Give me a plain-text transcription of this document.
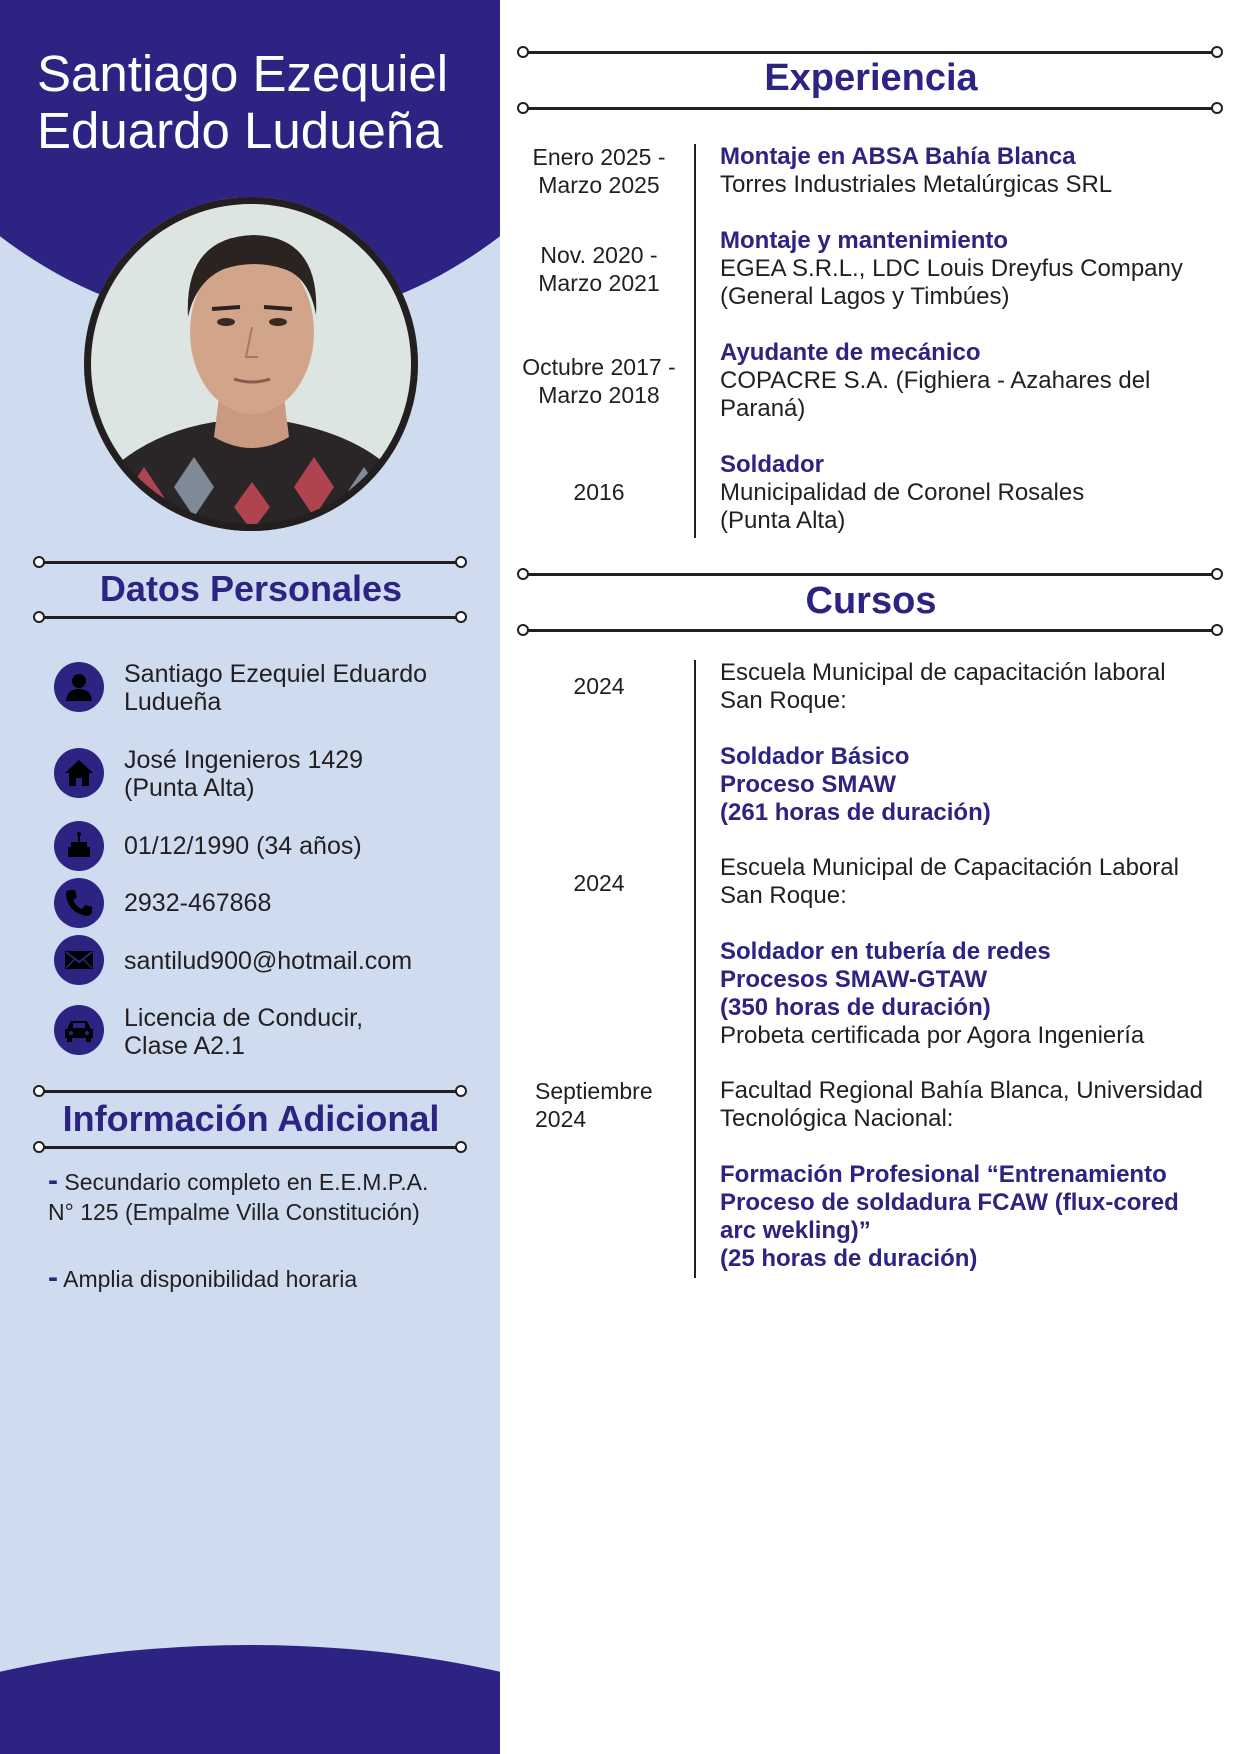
Santiago Ezequiel
Eduardo Ludueña
Datos Personales
Santiago Ezequiel Eduardo
Ludueña
José Ingenieros 1429
(Punta Alta)
01/12/1990 (34 años)
2932-467868
santilud900@hotmail.com
Licencia de Conducir,
Clase A2.1
Información Adicional
- Secundario completo en E.E.M.P.A.
N° 125 (Empalme Villa Constitución)
- Amplia disponibilidad horaria
Experiencia
Enero 2025 -
Marzo 2025
Montaje en ABSA Bahía Blanca
Torres Industriales Metalúrgicas SRL
Nov. 2020 -
Marzo 2021
Montaje y mantenimiento
EGEA S.R.L., LDC Louis Dreyfus Company
(General Lagos y Timbúes)
Octubre 2017 -
Marzo 2018
Ayudante de mecánico
COPACRE S.A. (Fighiera - Azahares del
Paraná)
2016
Soldador
Municipalidad de Coronel Rosales
(Punta Alta)
Cursos
2024	Escuela Municipal de capacitación laboral
San Roque:
Soldador Básico
Proceso SMAW
(261 horas de duración)
2024
Escuela Municipal de Capacitación Laboral
San Roque:
Soldador en tubería de redes
Procesos SMAW-GTAW
(350 horas de duración)
Probeta certificada por Agora Ingeniería
Septiembre
2024
Facultad Regional Bahía Blanca, Universidad
Tecnológica Nacional:
Formación Profesional “Entrenamiento
Proceso de soldadura FCAW (flux-cored
arc wekling)”
(25 horas de duración)
